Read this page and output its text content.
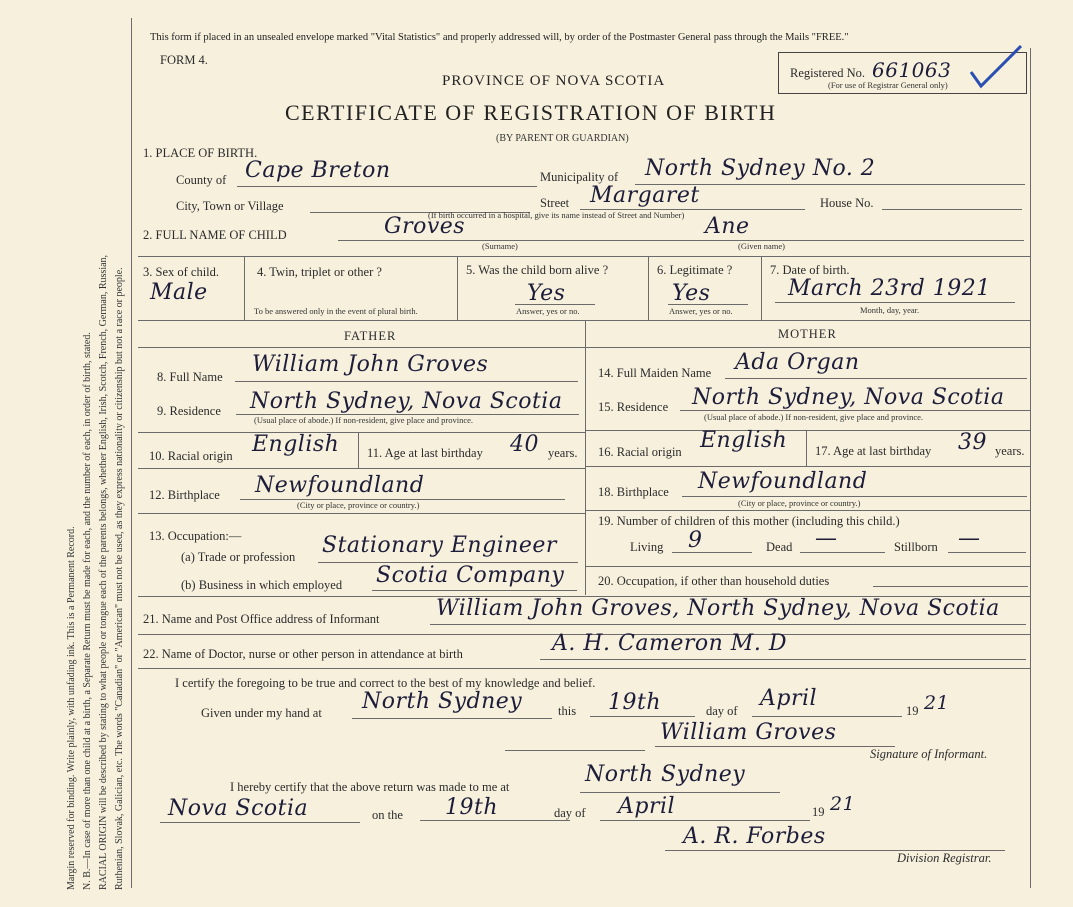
Margin reserved for binding. Write plainly, with unfading ink. This is a Permanent Record. N. B.—In case of more than one child at a birth, a Separate Return must be made for each, and the number of each, in order of birth, stated. RACIAL ORIGIN will be described by stating to what people or tongue each of the parents belongs, whether English, Irish, Scotch, French, German, Russian, Ruthenian, Slovak, Galician, etc. The words "Canadian" or "American" must not be used, as they express nationality or citizenship but not a race or people.
This form if placed in an unsealed envelope marked "Vital Statistics" and properly addressed will, by order of the Postmaster General pass through the Mails "FREE."
FORM 4.
Registered No. 661063
(For use of Registrar General only)
PROVINCE OF NOVA SCOTIA
CERTIFICATE OF REGISTRATION OF BIRTH
(BY PARENT OR GUARDIAN)
1. PLACE OF BIRTH.
County of Cape Breton	Municipality of North Sydney No. 2
City, Town or Village	Street Margaret	House No.
(If birth occurred in a hospital, give its name instead of Street and Number)
2. FULL NAME OF CHILD	Groves	Ane
(Surname)	(Given name)
3. Sex of child.
Male
4. Twin, triplet or other ?
To be answered only in the event of plural birth.
5. Was the child born alive ?
Yes
Answer, yes or no.
6. Legitimate ?
Yes
Answer, yes or no.
7. Date of birth.
March 23rd 1921
Month, day, year.
FATHER	MOTHER
8. Full Name William John Groves
9. Residence North Sydney, Nova Scotia
(Usual place of abode.) If non-resident, give place and province.
10. Racial origin English 11. Age at last birthday 40 years.
12. Birthplace Newfoundland
(City or place, province or country.)
13. Occupation:—
(a) Trade or profession Stationary Engineer
(b) Business in which employed Scotia Company
14. Full Maiden Name Ada Organ
15. Residence North Sydney, Nova Scotia
(Usual place of abode.) If non-resident, give place and province.
16. Racial origin English 17. Age at last birthday 39 years.
18. Birthplace Newfoundland
(City or place, province or country.)
19. Number of children of this mother (including this child.)
Living 9	Dead —	Stillborn —
20. Occupation, if other than household duties
21. Name and Post Office address of Informant	William John Groves, North Sydney, Nova Scotia
22. Name of Doctor, nurse or other person in attendance at birth	A. H. Cameron M. D
I certify the foregoing to be true and correct to the best of my knowledge and belief.
Given under my hand at North Sydney	this 19th	day of April	19 21
William Groves
Signature of Informant.
I hereby certify that the above return was made to me at	North Sydney
Nova Scotia	on the 19th	day of April	19 21
A. R. Forbes
Division Registrar.
